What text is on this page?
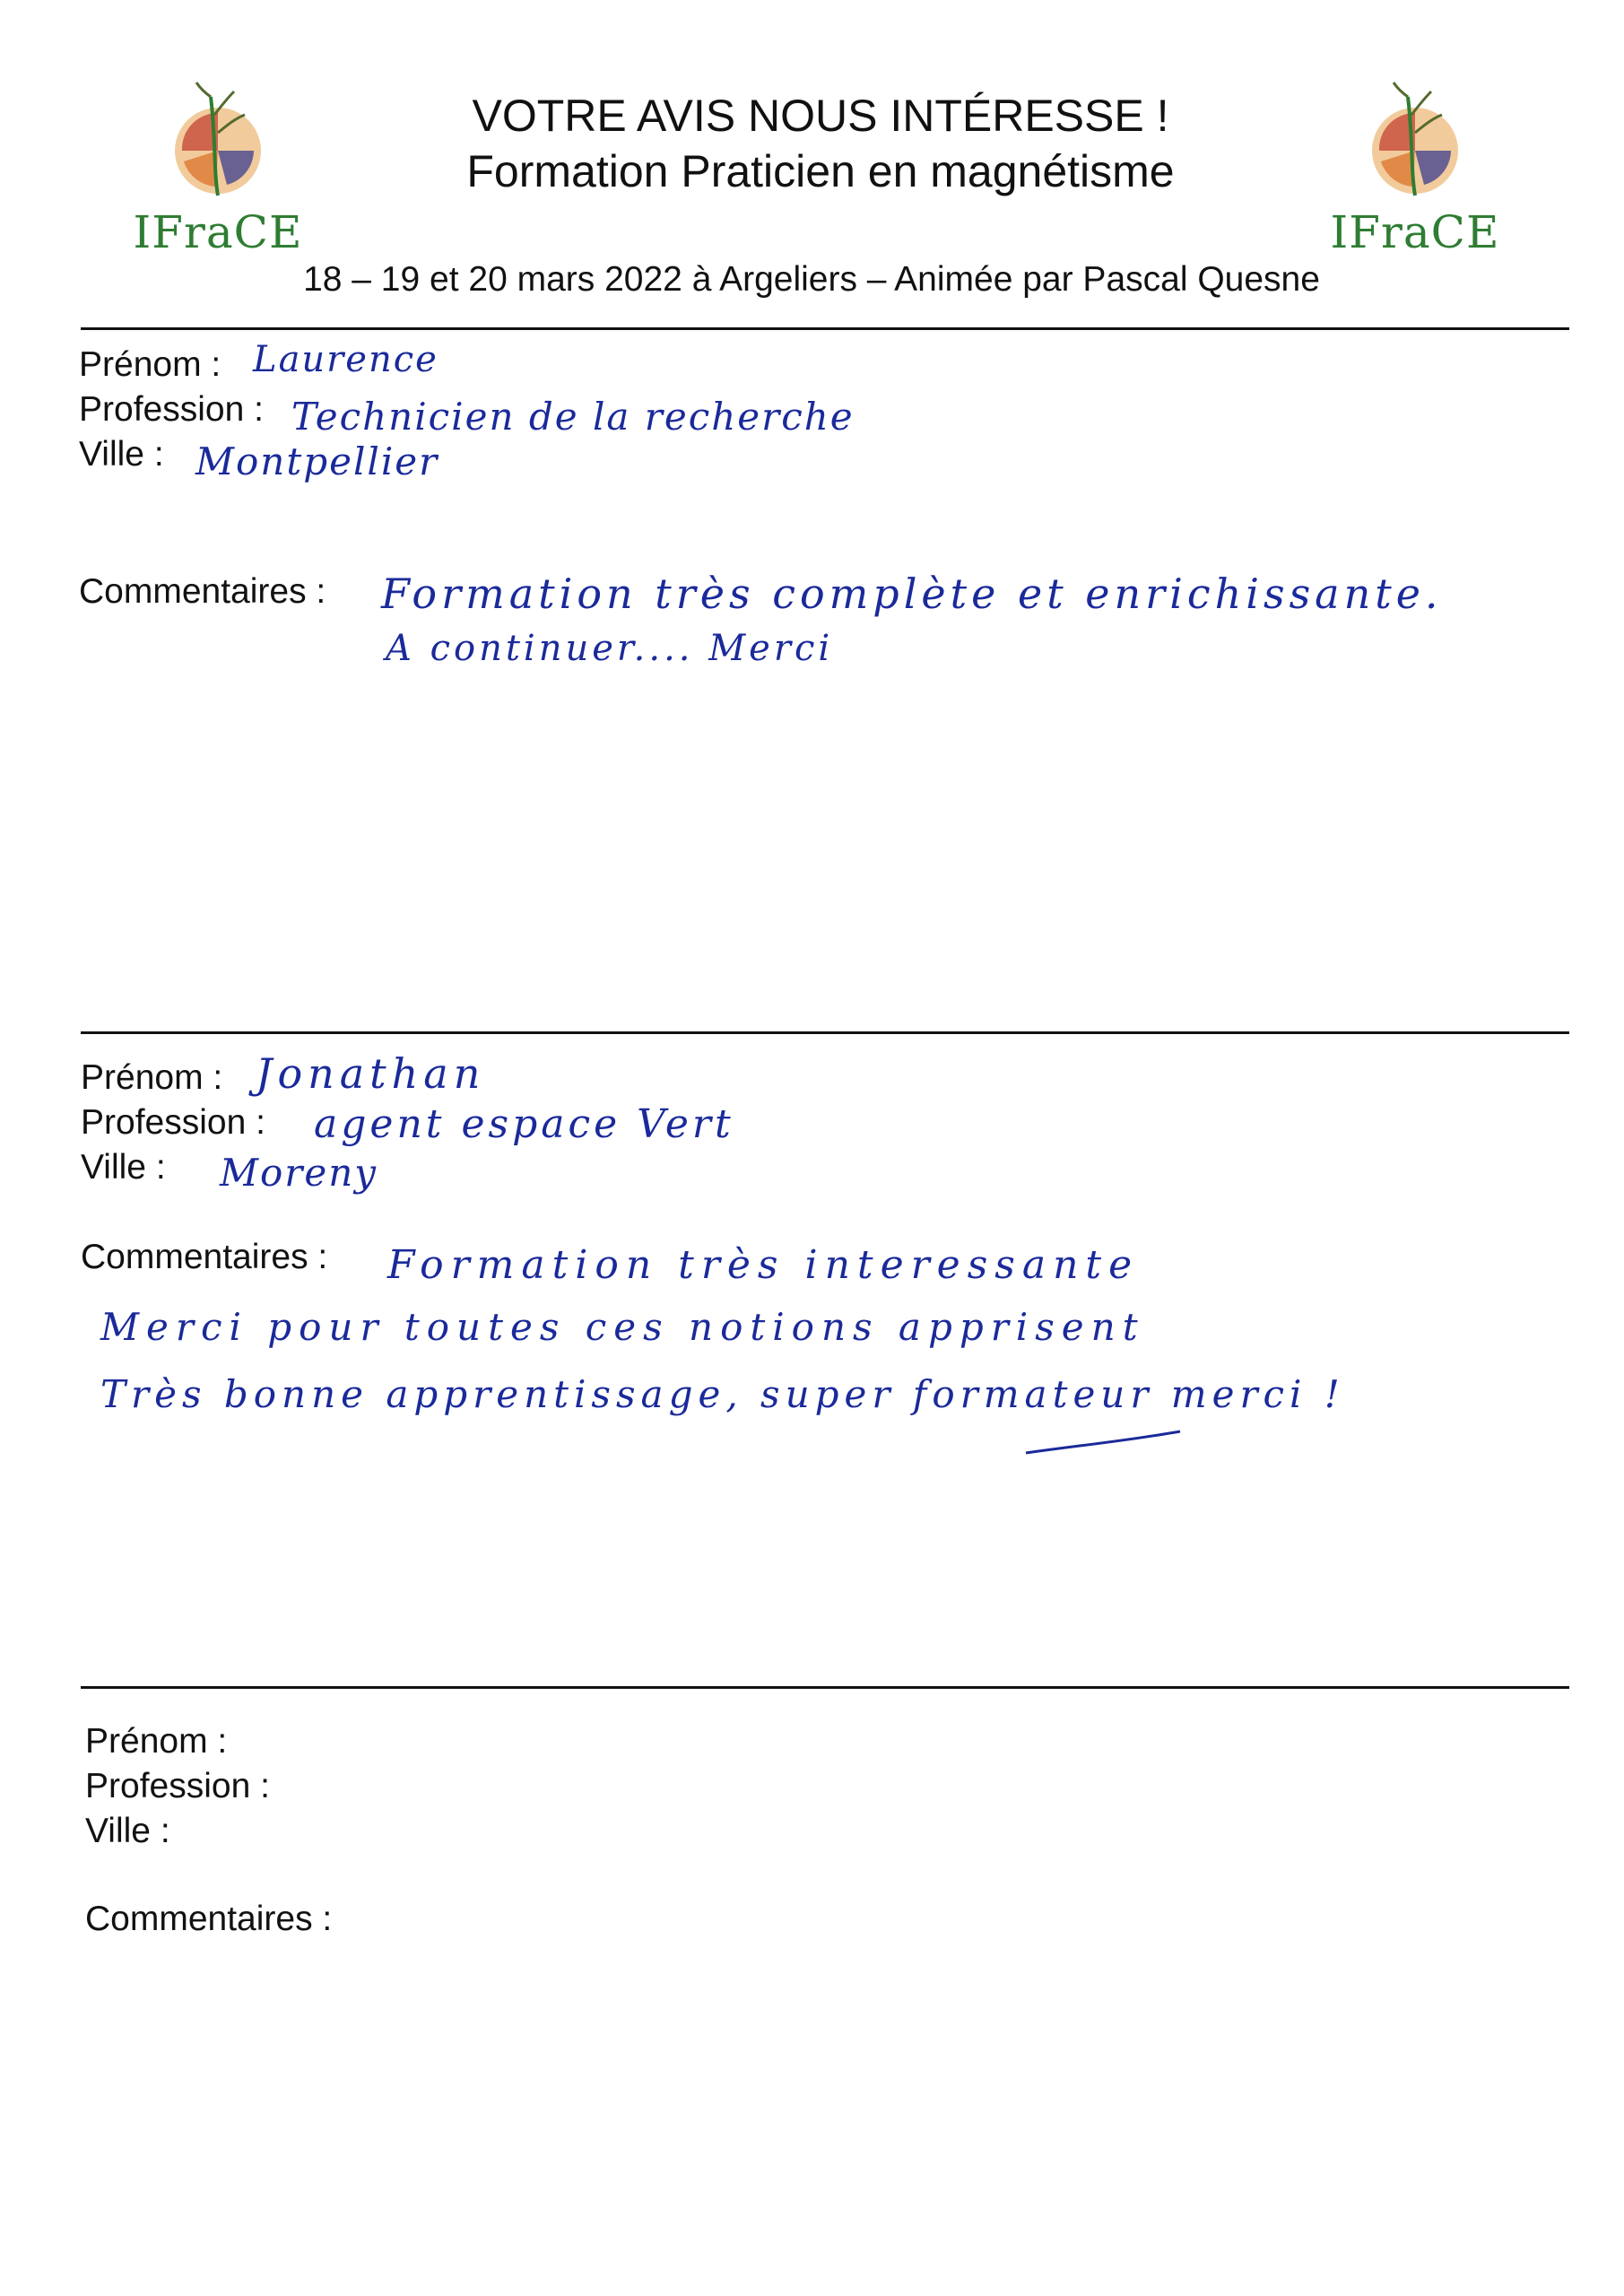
IFraCE	IFraCE
VOTRE AVIS NOUS INTÉRESSE !
Formation Praticien en magnétisme
18 – 19 et 20 mars 2022 à Argeliers – Animée par Pascal Quesne
Prénom : Laurence
Profession : Technicien de la recherche
Ville : Montpellier
Commentaires : Formation très complète et enrichissante.
A continuer.... Merci
Prénom : Jonathan
Profession : agent espace Vert
Ville : Moreny
Commentaires : Formation très interessante
Merci pour toutes ces notions apprisent
Très bonne apprentissage, super formateur merci !
Prénom :
Profession :
Ville :
Commentaires :
